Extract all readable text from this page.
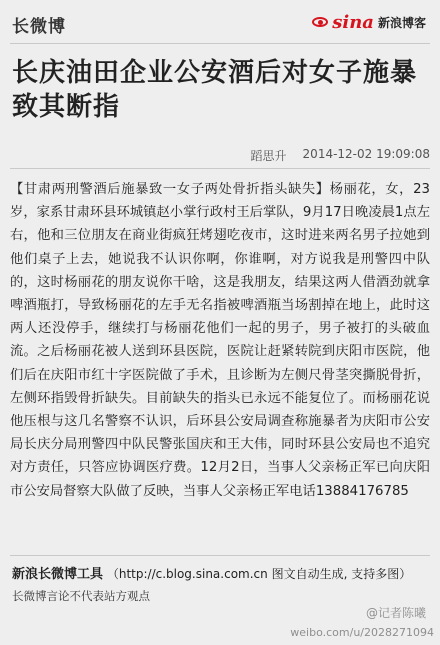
长微博	sina 新浪博客
长庆油田企业公安酒后对女子施暴致其断指
蹈思升 2014-12-02 19:09:08
【甘肃两刑警酒后施暴致一女子两处骨折指头缺失】杨丽花，女，23岁，家系甘肃环县环城镇赵小掌行政村王后掌队，9月17日晚凌晨1点左右，他和三位朋友在商业街疯狂烤翅吃夜市，这时进来两名男子拉她到他们桌子上去，她说我不认识你啊，你谁啊，对方说我是刑警四中队的，这时杨丽花的朋友说你干啥，这是我朋友，结果这两人借酒劲就拿啤酒瓶打，导致杨丽花的左手无名指被啤酒瓶当场割掉在地上，此时这两人还没停手，继续打与杨丽花他们一起的男子，男子被打的头破血流。之后杨丽花被人送到环县医院，医院让赶紧转院到庆阳市医院，他们后在庆阳市红十字医院做了手术，且诊断为左侧尺骨茎突撕脱骨折，左侧环指毁骨折缺失。目前缺失的指头已永远不能复位了。而杨丽花说他压根与这几名警察不认识，后环县公安局调查称施暴者为庆阳市公安局长庆分局刑警四中队民警张国庆和王大伟，同时环县公安局也不追究对方责任，只答应协调医疗费。12月2日，当事人父亲杨正军已向庆阳市公安局督察大队做了反映，当事人父亲杨正军电话13884176785
新浪长微博工具 （http://c.blog.sina.com.cn 图文自动生成, 支持多图）
长微博言论不代表站方观点
@记者陈曦
weibo.com/u/2028271094
